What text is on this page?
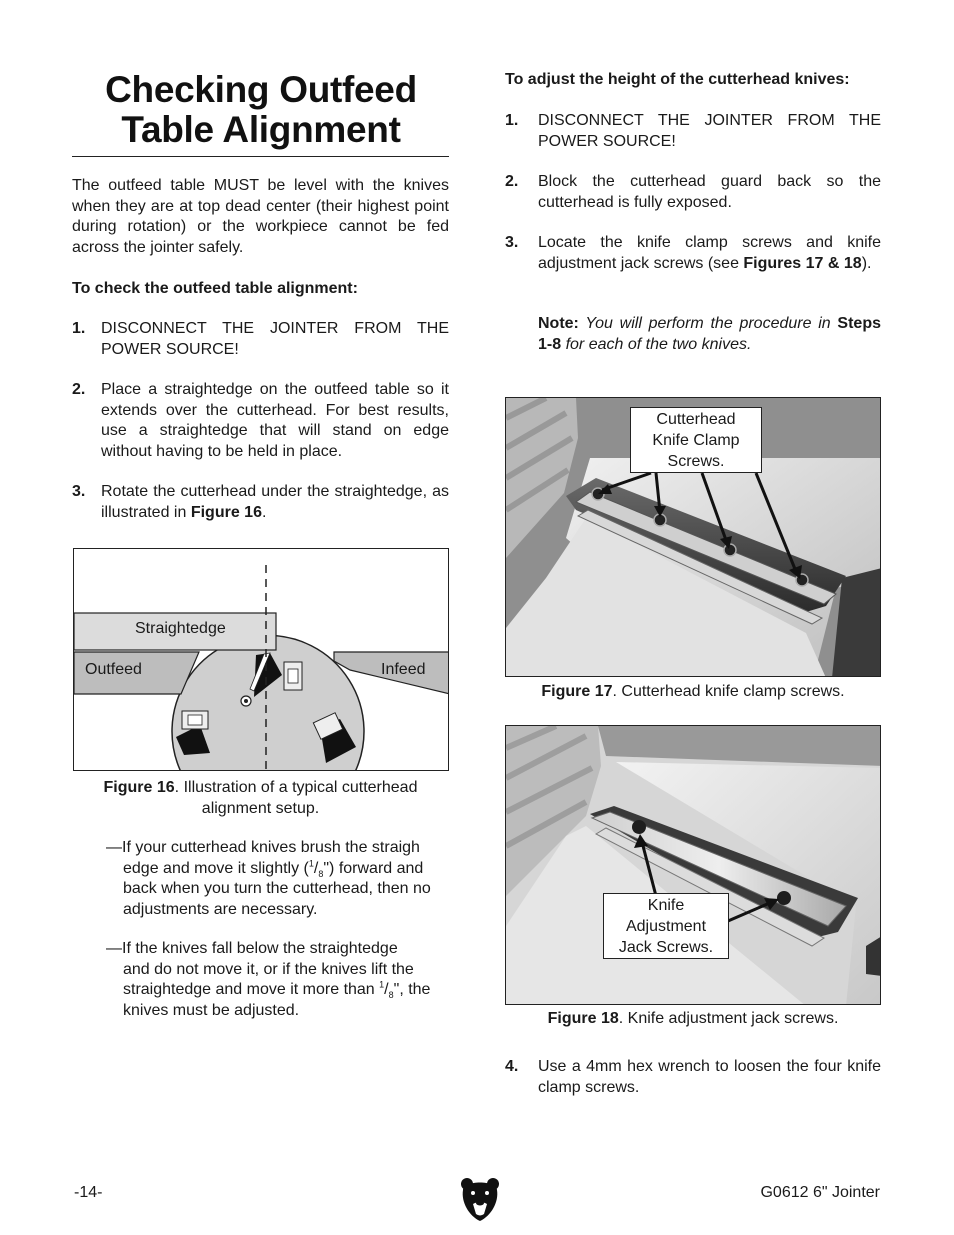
Checking Outfeed
Table Alignment
The outfeed table MUST be level with the knives when they are at top dead center (their highest point during rotation) or the workpiece cannot be fed across the jointer safely.
To check the outfeed table alignment:
1. DISCONNECT THE JOINTER FROM THE POWER SOURCE!
2. Place a straightedge on the outfeed table so it extends over the cutterhead. For best results, use a straightedge that will stand on edge without having to be held in place.
3. Rotate the cutterhead under the straightedge, as illustrated in Figure 16.
Straightedge
Outfeed	Infeed
Figure 16. Illustration of a typical cutterhead
alignment setup.
—If your cutterhead knives brush the straigh
edge and move it slightly $(^1/_8")$ forward and
back when you turn the cutterhead, then no
adjustments are necessary.
—If the knives fall below the straightedge
and do not move it, or if the knives lift the
straightedge and move it more than $^1/_8$", the
knives must be adjusted.
To adjust the height of the cutterhead knives:
1.	DISCONNECT THE JOINTER FROM THE POWER SOURCE!
2.	Block the cutterhead guard back so the cutterhead is fully exposed.
3.	Locate the knife clamp screws and knife adjustment jack screws (see Figures 17 & 18).
Note: You will perform the procedure in Steps 1-8 for each of the two knives.
Cutterhead
Knife Clamp
Screws.
Figure 17. Cutterhead knife clamp screws.
Knife
Adjustment
Jack Screws.
Figure 18. Knife adjustment jack screws.
4.	Use a 4mm hex wrench to loosen the four knife clamp screws.
-14-	G0612 6" Jointer
